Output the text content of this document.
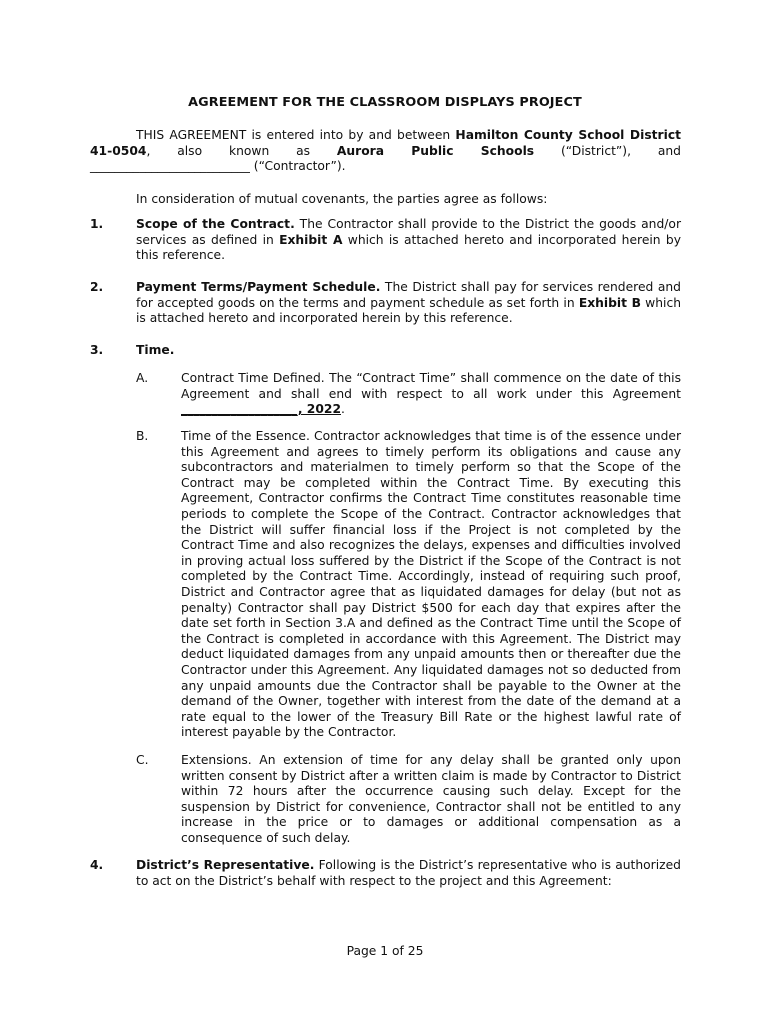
AGREEMENT FOR THE CLASSROOM DISPLAYS PROJECT
THIS AGREEMENT is entered into by and between Hamilton County School District
41-0504, also known as Aurora Public Schools (“District”), and
__________________________ (“Contractor”).
In consideration of mutual covenants, the parties agree as follows:
1.	Scope of the Contract. The Contractor shall provide to the District the goods and/or services as defined in Exhibit A which is attached hereto and incorporated herein by this reference.
2.	Payment Terms/Payment Schedule. The District shall pay for services rendered and for accepted goods on the terms and payment schedule as set forth in Exhibit B which is attached hereto and incorporated herein by this reference.
3.	Time.
A.	Contract Time Defined. The “Contract Time” shall commence on the date of this Agreement and shall end with respect to all work under this Agreement ___________________, 2022.
B.	Time of the Essence. Contractor acknowledges that time is of the essence under this Agreement and agrees to timely perform its obligations and cause any subcontractors and materialmen to timely perform so that the Scope of the Contract may be completed within the Contract Time. By executing this Agreement, Contractor confirms the Contract Time constitutes reasonable time periods to complete the Scope of the Contract. Contractor acknowledges that the District will suffer financial loss if the Project is not completed by the Contract Time and also recognizes the delays, expenses and difficulties involved in proving actual loss suffered by the District if the Scope of the Contract is not completed by the Contract Time. Accordingly, instead of requiring such proof, District and Contractor agree that as liquidated damages for delay (but not as penalty) Contractor shall pay District $500 for each day that expires after the date set forth in Section 3.A and defined as the Contract Time until the Scope of the Contract is completed in accordance with this Agreement. The District may deduct liquidated damages from any unpaid amounts then or thereafter due the Contractor under this Agreement. Any liquidated damages not so deducted from any unpaid amounts due the Contractor shall be payable to the Owner at the demand of the Owner, together with interest from the date of the demand at a rate equal to the lower of the Treasury Bill Rate or the highest lawful rate of interest payable by the Contractor.
C.	Extensions. An extension of time for any delay shall be granted only upon written consent by District after a written claim is made by Contractor to District within 72 hours after the occurrence causing such delay. Except for the suspension by District for convenience, Contractor shall not be entitled to any increase in the price or to damages or additional compensation as a consequence of such delay.
4.	District’s Representative. Following is the District’s representative who is authorized to act on the District’s behalf with respect to the project and this Agreement:
Page 1 of 25
